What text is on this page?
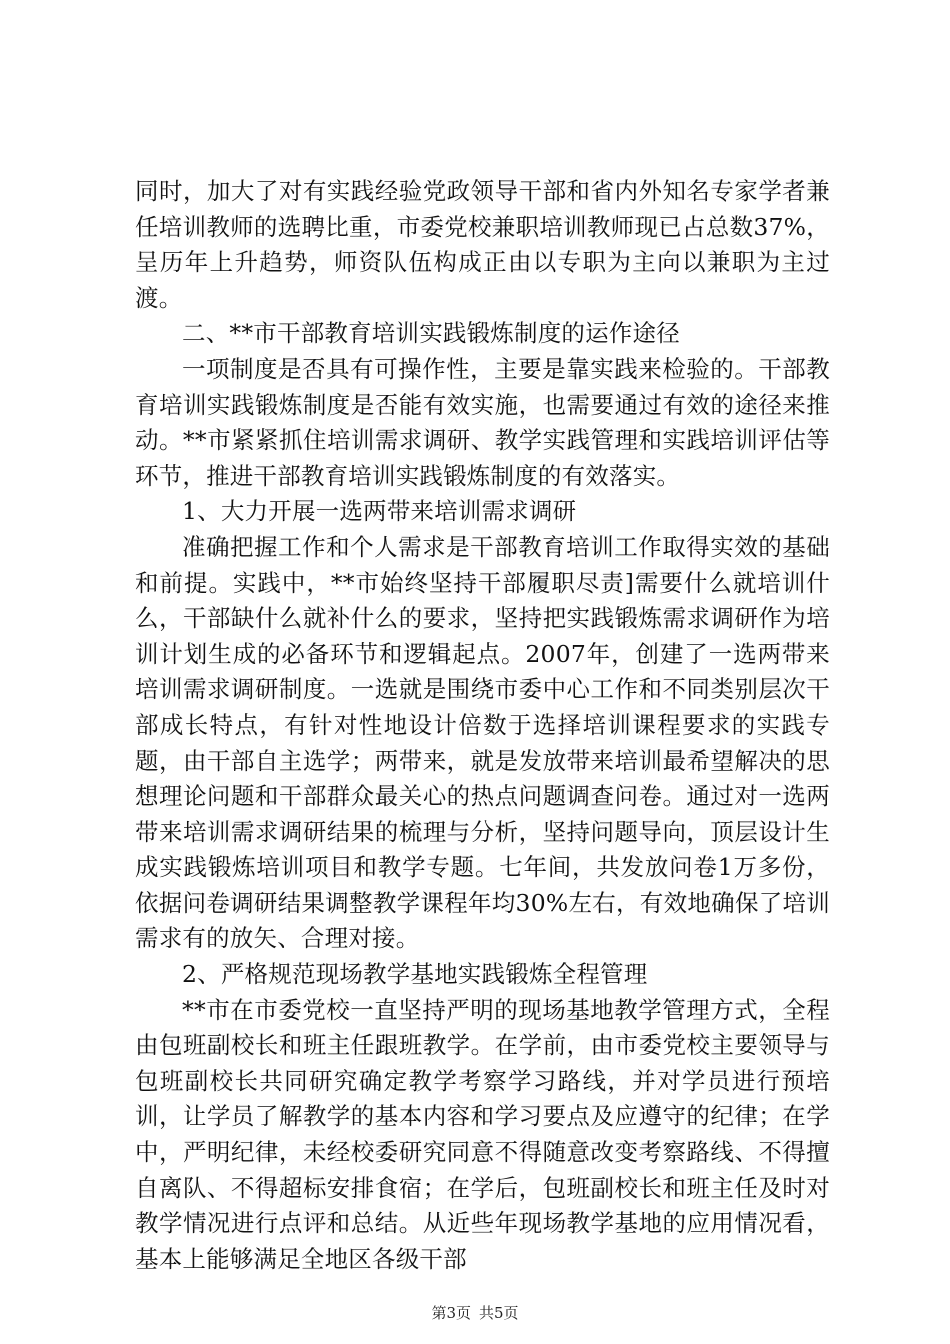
同时，加大了对有实践经验党政领导干部和省内外知名专家学者兼任培训教师的选聘比重，市委党校兼职培训教师现已占总数37%，呈历年上升趋势，师资队伍构成正由以专职为主向以兼职为主过渡。

二、**市干部教育培训实践锻炼制度的运作途径

一项制度是否具有可操作性，主要是靠实践来检验的。干部教育培训实践锻炼制度是否能有效实施，也需要通过有效的途径来推动。**市紧紧抓住培训需求调研、教学实践管理和实践培训评估等环节，推进干部教育培训实践锻炼制度的有效落实。

1、大力开展一选两带来培训需求调研

准确把握工作和个人需求是干部教育培训工作取得实效的基础和前提。实践中，**市始终坚持干部履职尽责]需要什么就培训什么，干部缺什么就补什么的要求，坚持把实践锻炼需求调研作为培训计划生成的必备环节和逻辑起点。2007年，创建了一选两带来培训需求调研制度。一选就是围绕市委中心工作和不同类别层次干部成长特点，有针对性地设计倍数于选择培训课程要求的实践专题，由干部自主选学；两带来，就是发放带来培训最希望解决的思想理论问题和干部群众最关心的热点问题调查问卷。通过对一选两带来培训需求调研结果的梳理与分析，坚持问题导向，顶层设计生成实践锻炼培训项目和教学专题。七年间，共发放问卷1万多份，依据问卷调研结果调整教学课程年均30%左右，有效地确保了培训需求有的放矢、合理对接。

2、严格规范现场教学基地实践锻炼全程管理

**市在市委党校一直坚持严明的现场基地教学管理方式，全程由包班副校长和班主任跟班教学。在学前，由市委党校主要领导与包班副校长共同研究确定教学考察学习路线，并对学员进行预培训，让学员了解教学的基本内容和学习要点及应遵守的纪律；在学中，严明纪律，未经校委研究同意不得随意改变考察路线、不得擅自离队、不得超标安排食宿；在学后，包班副校长和班主任及时对教学情况进行点评和总结。从近些年现场教学基地的应用情况看，基本上能够满足全地区各级干部

第3页 共5页
